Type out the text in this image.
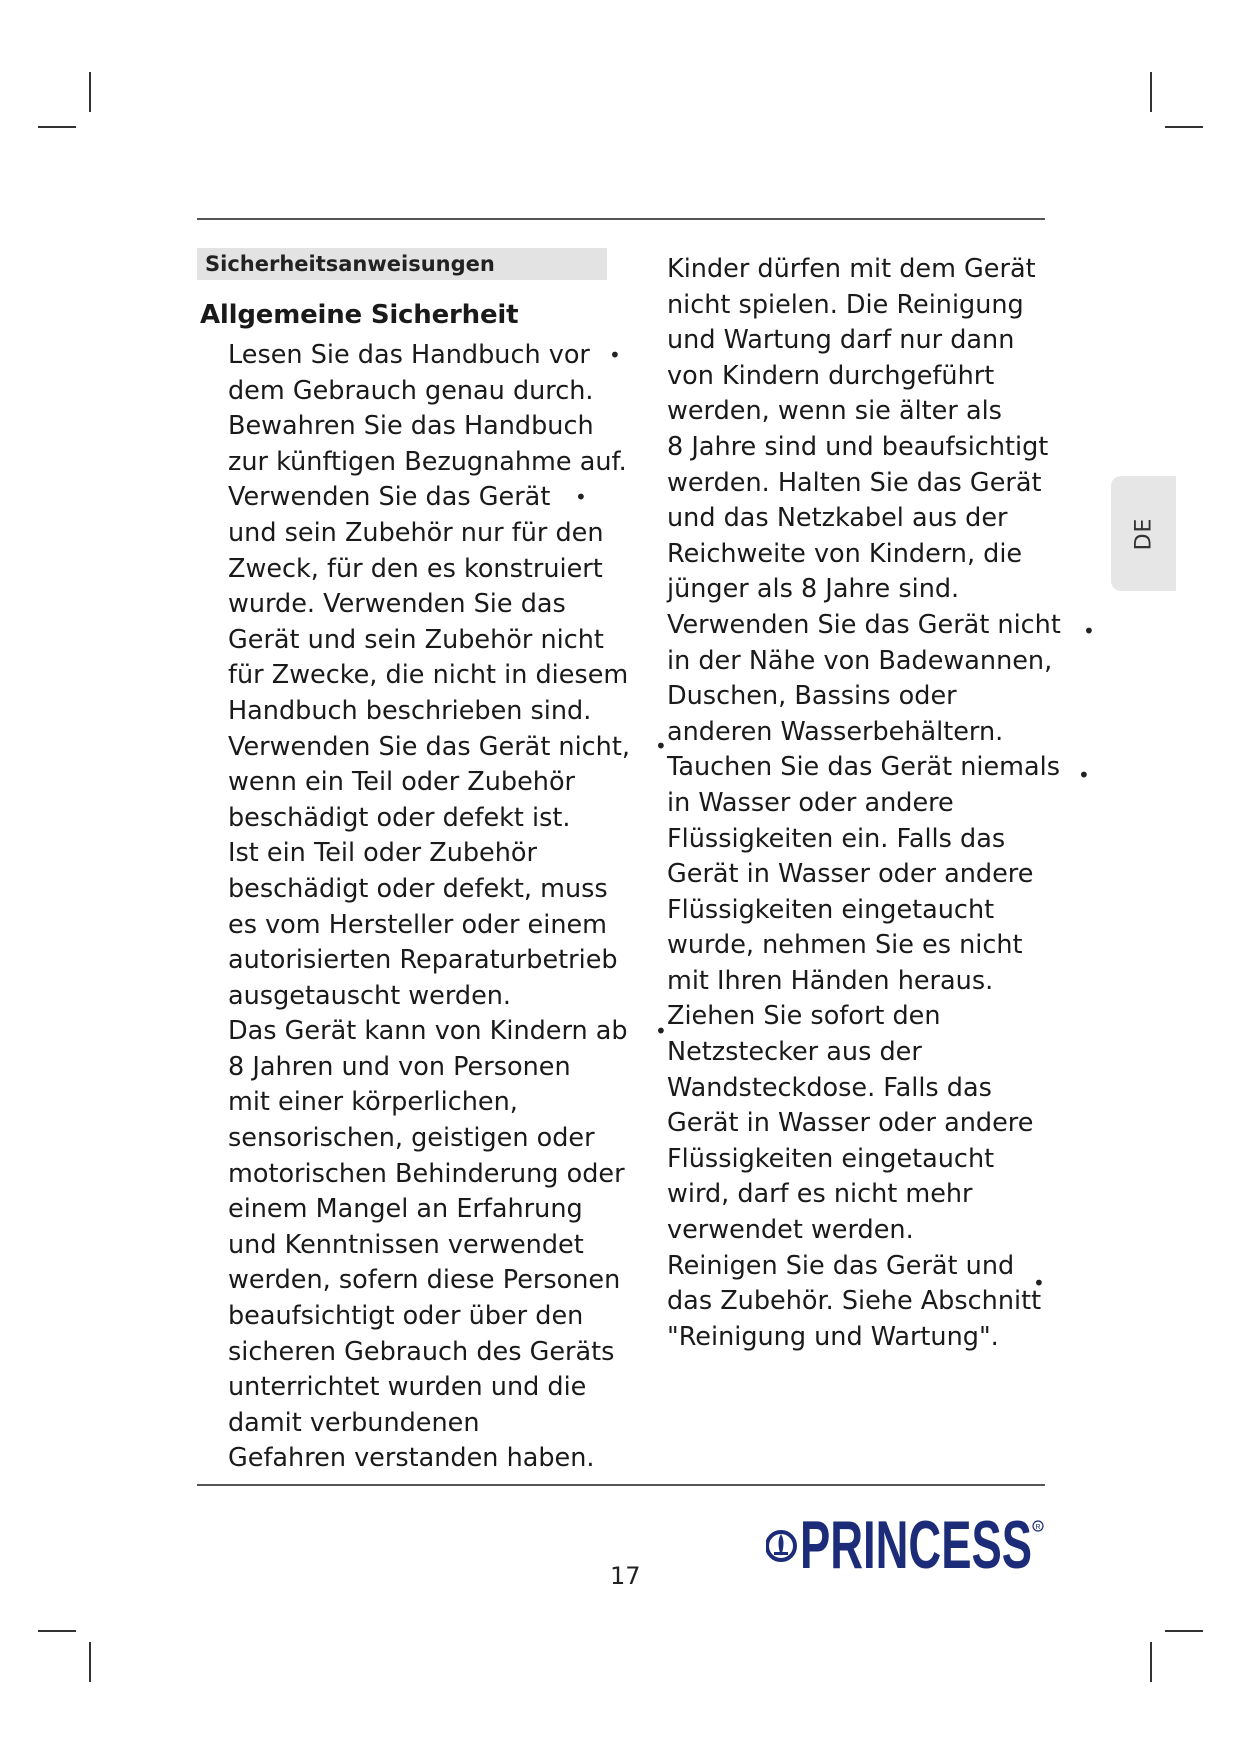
Sicherheitsanweisungen
Allgemeine Sicherheit
Lesen Sie das Handbuch vor
dem Gebrauch genau durch.
Bewahren Sie das Handbuch
zur künftigen Bezugnahme auf.
Verwenden Sie das Gerät
und sein Zubehör nur für den
Zweck, für den es konstruiert
wurde. Verwenden Sie das
Gerät und sein Zubehör nicht
für Zwecke, die nicht in diesem
Handbuch beschrieben sind.
Verwenden Sie das Gerät nicht,
wenn ein Teil oder Zubehör
beschädigt oder defekt ist.
Ist ein Teil oder Zubehör
beschädigt oder defekt, muss
es vom Hersteller oder einem
autorisierten Reparaturbetrieb
ausgetauscht werden.
Das Gerät kann von Kindern ab
8 Jahren und von Personen
mit einer körperlichen,
sensorischen, geistigen oder
motorischen Behinderung oder
einem Mangel an Erfahrung
und Kenntnissen verwendet
werden, sofern diese Personen
beaufsichtigt oder über den
sicheren Gebrauch des Geräts
unterrichtet wurden und die
damit verbundenen
Gefahren verstanden haben.
Kinder dürfen mit dem Gerät
nicht spielen. Die Reinigung
und Wartung darf nur dann
von Kindern durchgeführt
werden, wenn sie älter als
8 Jahre sind und beaufsichtigt
werden. Halten Sie das Gerät
und das Netzkabel aus der
Reichweite von Kindern, die
jünger als 8 Jahre sind.
Verwenden Sie das Gerät nicht
in der Nähe von Badewannen,
Duschen, Bassins oder
anderen Wasserbehältern.
Tauchen Sie das Gerät niemals
in Wasser oder andere
Flüssigkeiten ein. Falls das
Gerät in Wasser oder andere
Flüssigkeiten eingetaucht
wurde, nehmen Sie es nicht
mit Ihren Händen heraus.
Ziehen Sie sofort den
Netzstecker aus der
Wandsteckdose. Falls das
Gerät in Wasser oder andere
Flüssigkeiten eingetaucht
wird, darf es nicht mehr
verwendet werden.
Reinigen Sie das Gerät und
das Zubehör. Siehe Abschnitt
"Reinigung und Wartung".
•
•
•
•
•
•
•
DE
17 PRINCESS R
